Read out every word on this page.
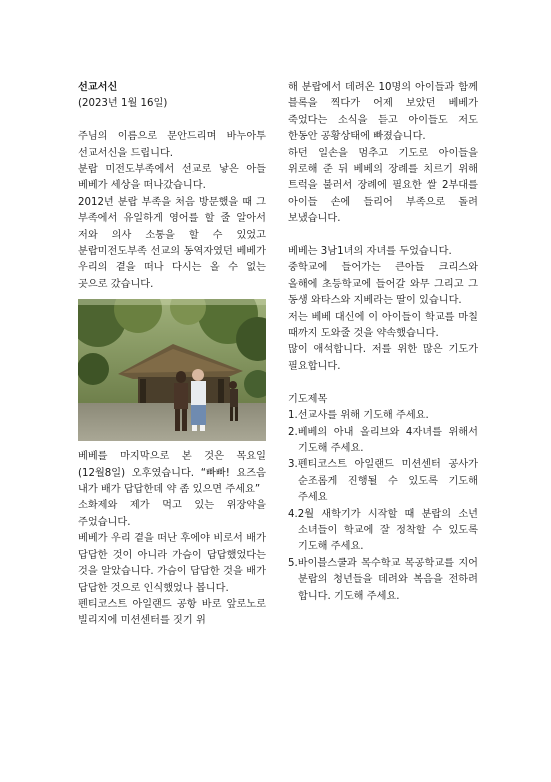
선교서신

(2023년 1월 16일)

주님의 이름으로 문안드리며 바누아투 선교서신을 드립니다.

분랍 미전도부족에서 선교로 낳은 아들 베베가 세상을 떠나갔습니다.

2012년 분랍 부족을 처음 방문했을 때 그 부족에서 유일하게 영어를 할 줄 알아서 저와 의사 소통을 할 수 있었고 분랍미전도부족 선교의 동역자였던 베베가 우리의 곁을 떠나 다시는 올 수 없는 곳으로 갔습니다.

베베를 마지막으로 본 것은 목요일(12월8일) 오후였습니다. “빠빠! 요즈음 내가 배가 답답한데 약 좀 있으면 주세요”

소화제와 제가 먹고 있는 위장약을 주었습니다.

베베가 우리 곁을 떠난 후에야 비로서 배가 답답한 것이 아니라 가슴이 답답했었다는 것을 알았습니다. 가슴이 답답한 것을 배가 답답한 것으로 인식했었나 봅니다.

펜티코스트 아일랜드 공항 바로 앞로노로 빌리지에 미션센터를 짓기 위

해 분랍에서 데려온 10명의 아이들과 함께 블록을 찍다가 어제 보았던 베베가 죽었다는 소식을 듣고 아이들도 저도 한동안 공황상태에 빠졌습니다.

하던 일손을 멈추고 기도로 아이들을 위로해 준 뒤 베베의 장례를 치르기 위해 트럭을 불러서 장례에 필요한 쌀 2부대를 아이들 손에 들리어 부족으로 돌려 보냈습니다.

베베는 3남1녀의 자녀를 두었습니다.

중학교에 들어가는 큰아들 크리스와 올해에 초등학교에 들어갈 와무 그리고 그 동생 와타스와 지베라는 딸이 있습니다.

저는 베베 대신에 이 아이들이 학교를 마칠 때까지 도와줄 것을 약속했습니다.

많이 애석합니다. 저를 위한 많은 기도가 필요합니다.

기도제목

1.선교사를 위해 기도해 주세요.
2.베베의 아내 올리브와 4자녀를 위해서 기도해 주세요.
3.펜티코스트 아일랜드 미션센터 공사가 순조롭게 진행될 수 있도록 기도해 주세요
4.2월 새학기가 시작할 때 분랍의 소년 소녀들이 학교에 잘 정착할 수 있도록 기도해 주세요.
5.바이블스쿨과 목수학교 목공학교를 지어 분랍의 청년들을 데려와 복음을 전하려 합니다. 기도해 주세요.
